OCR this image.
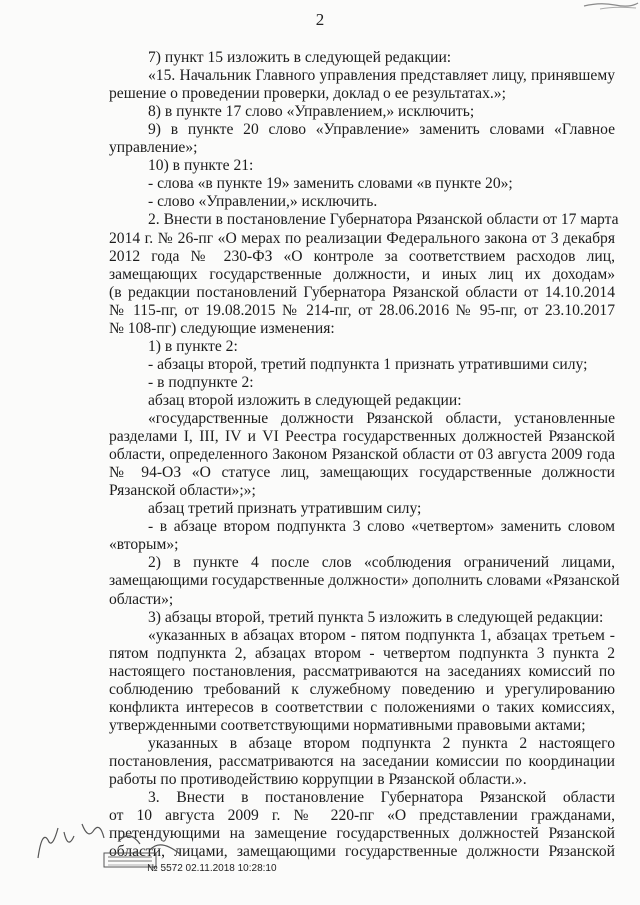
2
7) пункт 15 изложить в следующей редакции:
«15. Начальник Главного управления представляет лицу, принявшему
решение о проведении проверки, доклад о ее результатах.»;
8) в пункте 17 слово «Управлением,» исключить;
9) в пункте 20 слово «Управление» заменить словами «Главное
управление»;
10) в пункте 21:
- слова «в пункте 19» заменить словами «в пункте 20»;
- слово «Управлении,» исключить.
2. Внести в постановление Губернатора Рязанской области от 17 марта
2014 г. № 26-пг «О мерах по реализации Федерального закона от 3 декабря
2012 года № 230-ФЗ «О контроле за соответствием расходов лиц,
замещающих государственные должности, и иных лиц их доходам»
(в редакции постановлений Губернатора Рязанской области от 14.10.2014
№ 115-пг, от 19.08.2015 № 214-пг, от 28.06.2016 № 95-пг, от 23.10.2017
№ 108-пг) следующие изменения:
1) в пункте 2:
- абзацы второй, третий подпункта 1 признать утратившими силу;
- в подпункте 2:
абзац второй изложить в следующей редакции:
«государственные должности Рязанской области, установленные
разделами I, III, IV и VI Реестра государственных должностей Рязанской
области, определенного Законом Рязанской области от 03 августа 2009 года
№ 94-ОЗ «О статусе лиц, замещающих государственные должности
Рязанской области»;»;
абзац третий признать утратившим силу;
- в абзаце втором подпункта 3 слово «четвертом» заменить словом
«вторым»;
2) в пункте 4 после слов «соблюдения ограничений лицами,
замещающими государственные должности» дополнить словами «Рязанской
области»;
3) абзацы второй, третий пункта 5 изложить в следующей редакции:
«указанных в абзацах втором - пятом подпункта 1, абзацах третьем -
пятом подпункта 2, абзацах втором - четвертом подпункта 3 пункта 2
настоящего постановления, рассматриваются на заседаниях комиссий по
соблюдению требований к служебному поведению и урегулированию
конфликта интересов в соответствии с положениями о таких комиссиях,
утвержденными соответствующими нормативными правовыми актами;
указанных в абзаце втором подпункта 2 пункта 2 настоящего
постановления, рассматриваются на заседании комиссии по координации
работы по противодействию коррупции в Рязанской области.».
3. Внести в постановление Губернатора Рязанской области
от 10 августа 2009 г. № 220-пг «О представлении гражданами,
претендующими на замещение государственных должностей Рязанской
области, лицами, замещающими государственные должности Рязанской
№ 5572 02.11.2018 10:28:10
